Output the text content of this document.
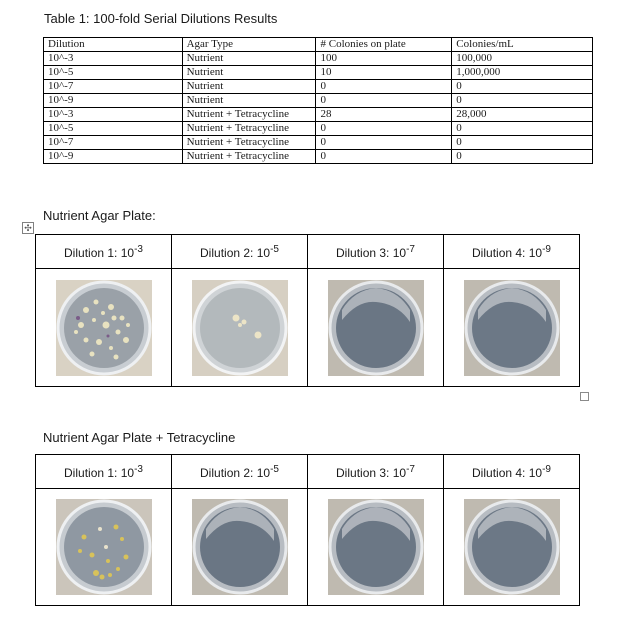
✣
Table 1: 100-fold Serial Dilutions Results
Dilution	Agar Type	# Colonies on plate	Colonies/mL
10^-3	Nutrient	100	100,000
10^-5	Nutrient	10	1,000,000
10^-7	Nutrient	0	0
10^-9	Nutrient	0	0
10^-3	Nutrient + Tetracycline	28	28,000
10^-5	Nutrient + Tetracycline	0	0
10^-7	Nutrient + Tetracycline	0	0
10^-9	Nutrient + Tetracycline	0	0
Nutrient Agar Plate:
Dilution 1: $10^{-3}$	Dilution 2: $10^{-5}$	Dilution 3: $10^{-7}$	Dilution 4: $10^{-9}$

Nutrient Agar Plate + Tetracycline
Dilution 1: $10^{-3}$	Dilution 2: $10^{-5}$	Dilution 3: $10^{-7}$	Dilution 4: $10^{-9}$
